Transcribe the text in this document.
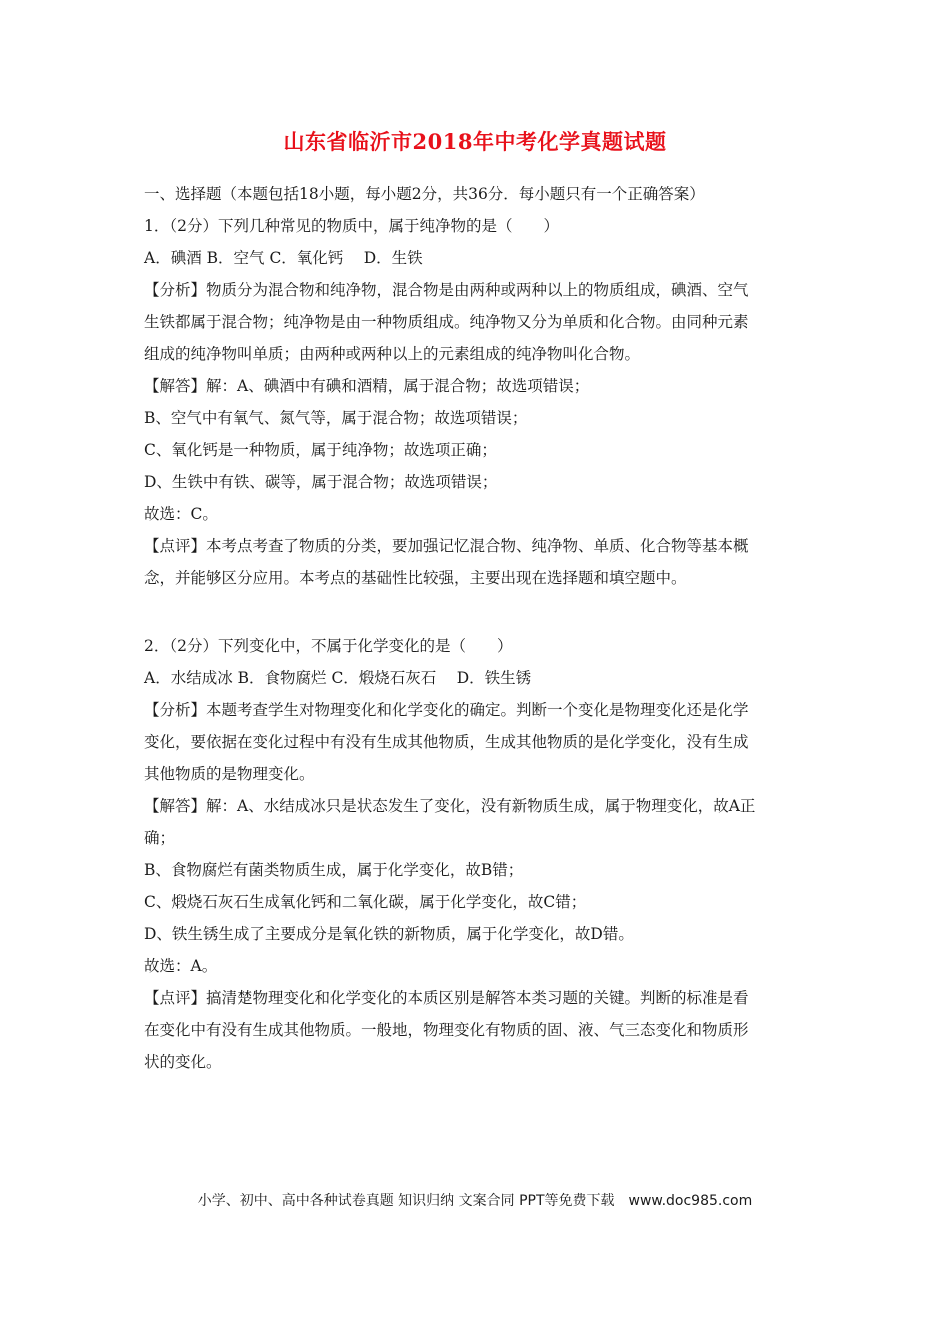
山东省临沂市2018年中考化学真题试题
一、选择题（本题包括18小题，每小题2分，共36分．每小题只有一个正确答案）
1．（2分）下列几种常见的物质中，属于纯净物的是（　　）
A．碘酒 B．空气 C．氧化钙　 D．生铁
【分析】物质分为混合物和纯净物，混合物是由两种或两种以上的物质组成，碘酒、空气
生铁都属于混合物；纯净物是由一种物质组成。纯净物又分为单质和化合物。由同种元素
组成的纯净物叫单质；由两种或两种以上的元素组成的纯净物叫化合物。
【解答】解：A、碘酒中有碘和酒精，属于混合物；故选项错误；
B、空气中有氧气、氮气等，属于混合物；故选项错误；
C、氧化钙是一种物质，属于纯净物；故选项正确；
D、生铁中有铁、碳等，属于混合物；故选项错误；
故选：C。
【点评】本考点考查了物质的分类，要加强记忆混合物、纯净物、单质、化合物等基本概
念，并能够区分应用。本考点的基础性比较强，主要出现在选择题和填空题中。
2．（2分）下列变化中，不属于化学变化的是（　　）
A．水结成冰 B．食物腐烂 C．煅烧石灰石　 D．铁生锈
【分析】本题考查学生对物理变化和化学变化的确定。判断一个变化是物理变化还是化学
变化，要依据在变化过程中有没有生成其他物质，生成其他物质的是化学变化，没有生成
其他物质的是物理变化。
【解答】解：A、水结成冰只是状态发生了变化，没有新物质生成，属于物理变化，故A正
确；
B、食物腐烂有菌类物质生成，属于化学变化，故B错；
C、煅烧石灰石生成氧化钙和二氧化碳，属于化学变化，故C错；
D、铁生锈生成了主要成分是氧化铁的新物质，属于化学变化，故D错。
故选：A。
【点评】搞清楚物理变化和化学变化的本质区别是解答本类习题的关键。判断的标准是看
在变化中有没有生成其他物质。一般地，物理变化有物质的固、液、气三态变化和物质形
状的变化。
小学、初中、高中各种试卷真题 知识归纳 文案合同 PPT等免费下载　www.doc985.com
